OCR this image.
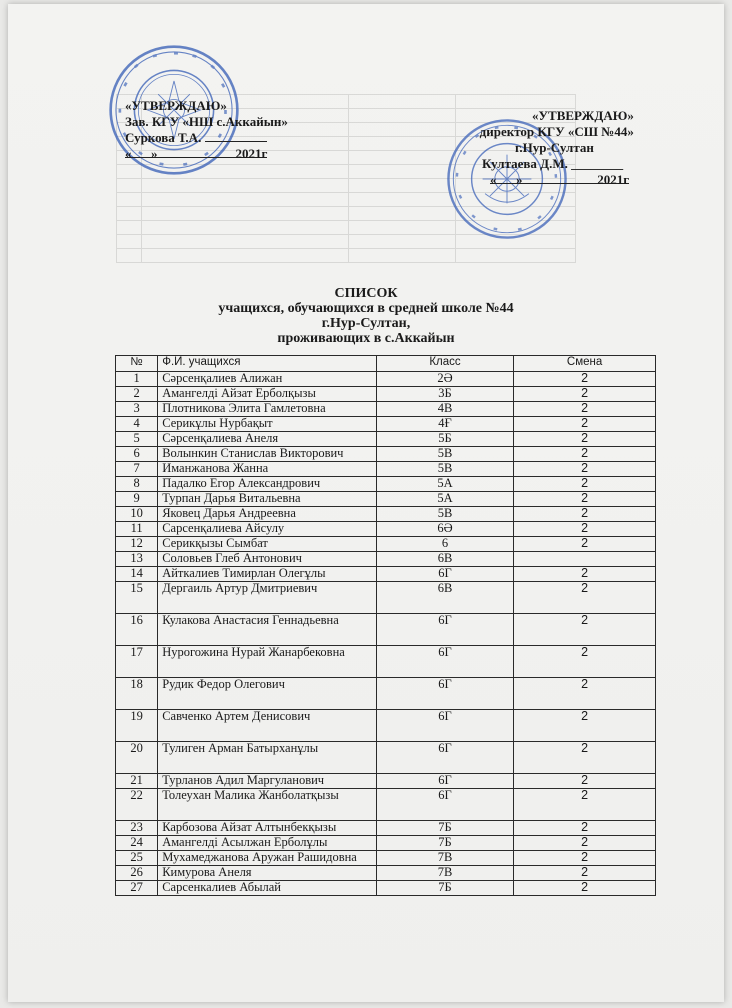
«УТВЕРЖДАЮ»
Зав. КГУ «НШ с.Аккайын»
Суркова Т.А.
«      »                        2021г
«УТВЕРЖДАЮ»
директор КГУ «СШ №44»
г.Нур-Султан
Култаева Д.М. ________
«      »                       2021г
СПИСОК
учащихся, обучающихся в средней школе №44
г.Нур-Султан,
проживающих в с.Аккайын
№	Ф.И. учащихся	Класс	Смена
1	Сәрсенқалиев Алижан	2Ә	2
2	Амангелді Айзат Ерболқызы	3Б	2
3	Плотникова Элита Гамлетовна	4В	2
4	Серикұлы Нурбақыт	4Ғ	2
5	Сәрсенқалиева Анеля	5Б	2
6	Волынкин Станислав Викторович	5В	2
7	Иманжанова Жанна	5В	2
8	Падалко Егор Александрович	5А	2
9	Турпан Дарья Витальевна	5А	2
10	Яковец Дарья Андреевна	5В	2
11	Сарсенқалиева Айсулу	6Ә	2
12	Серикқызы Сымбат	6	2
13	Соловьев Глеб Антонович	6В	
14	Айткалиев Тимирлан Олегұлы	6Г	2
15	Дергаиль Артур Дмитриевич	6В	2
16	Кулакова Анастасия Геннадьевна	6Г	2
17	Нурогожина Нурай Жанарбековна	6Г	2
18	Рудик Федор Олегович	6Г	2
19	Савченко Артем Денисович	6Г	2
20	Тулиген Арман Батырханұлы	6Г	2
21	Турланов Адил Маргуланович	6Г	2
22	Толеухан Малика Жанболатқызы	6Г	2
23	Карбозова Айзат Алтынбекқызы	7Б	2
24	Амангелді Асылжан Ерболұлы	7Б	2
25	Мухамеджанова Аружан Рашидовна	7В	2
26	Кимурова Анеля	7В	2
27	Сарсенкалиев Абылай	7Б	2
